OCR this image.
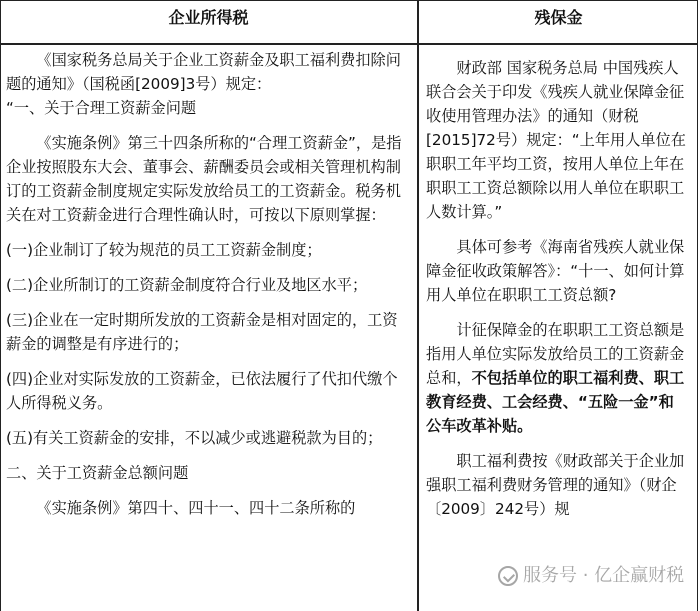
企业所得税	残保金

《国家税务总局关于企业工资薪金及职工福利费扣除问题的通知》（国税函[2009]3号）规定：

“一、关于合理工资薪金问题

《实施条例》第三十四条所称的“合理工资薪金”，是指企业按照股东大会、董事会、薪酬委员会或相关管理机构制订的工资薪金制度规定实际发放给员工的工资薪金。税务机关在对工资薪金进行合理性确认时，可按以下原则掌握：

(一)企业制订了较为规范的员工工资薪金制度；

(二)企业所制订的工资薪金制度符合行业及地区水平；

(三)企业在一定时期所发放的工资薪金是相对固定的，工资薪金的调整是有序进行的；

(四)企业对实际发放的工资薪金，已依法履行了代扣代缴个人所得税义务。

(五)有关工资薪金的安排，不以减少或逃避税款为目的；

二、关于工资薪金总额问题

《实施条例》第四十、四十一、四十二条所称的

财政部 国家税务总局 中国残疾人联合会关于印发《残疾人就业保障金征收使用管理办法》的通知（财税[2015]72号）规定：“上年用人单位在职职工年平均工资，按用人单位上年在职职工工资总额除以用人单位在职职工人数计算。”

具体可参考《海南省残疾人就业保障金征收政策解答》：“十一、如何计算用人单位在职职工工资总额?

计征保障金的在职职工工资总额是指用人单位实际发放给员工的工资薪金总和，不包括单位的职工福利费、职工教育经费、工会经费、“五险一金”和公车改革补贴。

职工福利费按《财政部关于企业加强职工福利费财务管理的通知》（财企〔2009〕242号）规

服务号 · 亿企赢财税
